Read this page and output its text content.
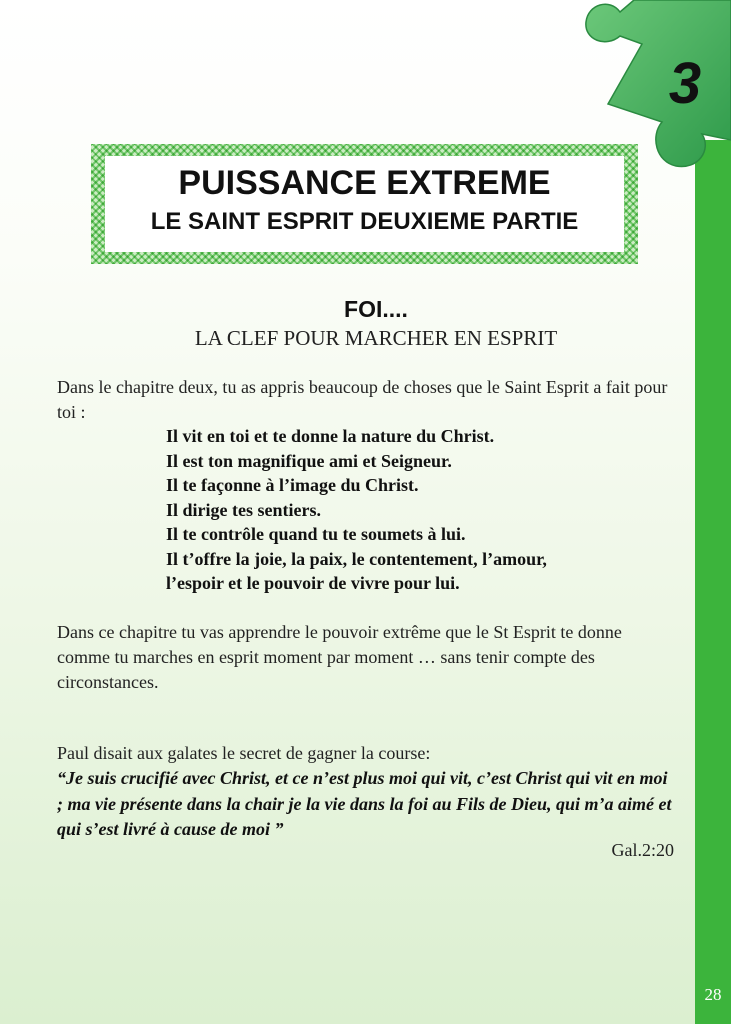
3
PUISSANCE EXTREME
LE SAINT ESPRIT DEUXIEME PARTIE
FOI....
LA CLEF POUR MARCHER EN ESPRIT
Dans le chapitre deux, tu as appris beaucoup de choses que le Saint Esprit a fait pour toi :
Il vit en toi et te donne la nature du Christ.
Il est ton magnifique ami et Seigneur.
Il te façonne à l’image du Christ.
Il dirige tes sentiers.
Il te contrôle quand tu te soumets à lui.
Il t’offre la joie, la paix, le contentement, l’amour,
l’espoir et le pouvoir de vivre pour lui.
Dans ce chapitre tu vas apprendre le pouvoir extrême que le St Esprit te donne comme tu marches en esprit moment par moment … sans tenir compte des circonstances.
Paul disait aux galates le secret de gagner la course:
“Je suis crucifié avec Christ, et ce n’est plus moi qui vit, c’est Christ qui vit en moi ; ma vie présente dans la chair je la vie dans la foi au Fils de Dieu, qui m’a aimé et qui s’est livré à cause de moi ”
Gal.2:20
28
